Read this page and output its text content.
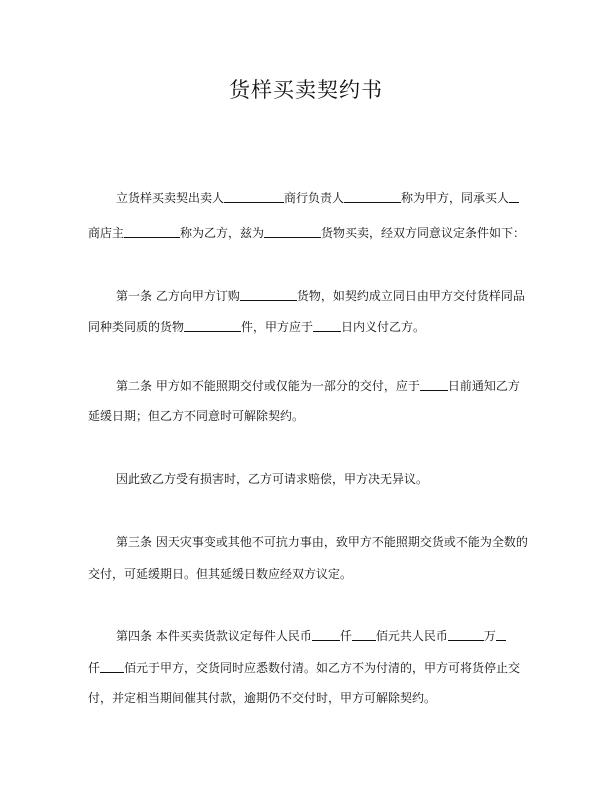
货样买卖契约书
立货样买卖契出卖人	商行负责人	称为甲方，同承买人
商店主	称为乙方，兹为	货物买卖，经双方同意议定条件如下：
第一条 乙方向甲方订购	货物，如契约成立同日由甲方交付货样同品
同种类同质的货物	件，甲方应于 日内义付乙方。
第二条 甲方如不能照期交付或仅能为一部分的交付，应于 日前通知乙方
延缓日期；但乙方不同意时可解除契约。
因此致乙方受有损害时，乙方可请求赔偿，甲方决无异议。
第三条 因天灾事变或其他不可抗力事由，致甲方不能照期交货或不能为全数的
交付，可延缓期日。但其延缓日数应经双方议定。
第四条 本件买卖货款议定每件人民币 仟 佰元共人民币	万
仟 佰元于甲方，交货同时应悉数付清。如乙方不为付清的，甲方可将货停止交
付，并定相当期间催其付款，逾期仍不交付时，甲方可解除契约。
